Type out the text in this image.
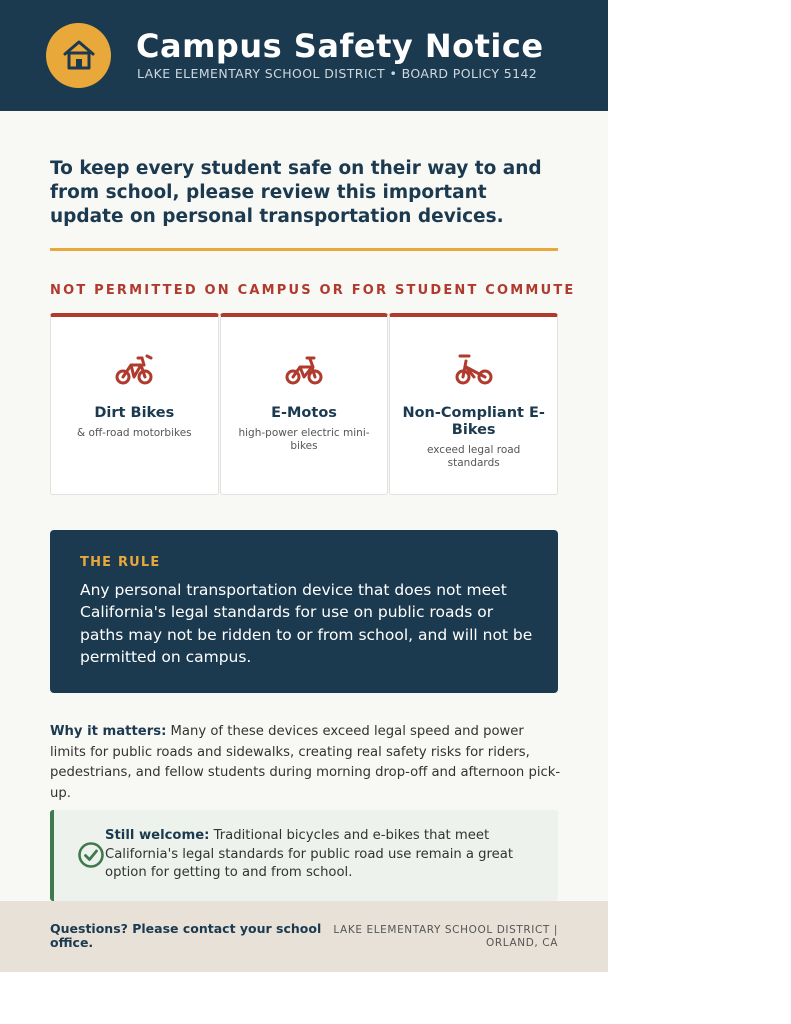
Campus Safety Notice
LAKE ELEMENTARY SCHOOL DISTRICT • BOARD POLICY 5142
To keep every student safe on their way to and from school, please review this important update on personal transportation devices.
NOT PERMITTED ON CAMPUS OR FOR STUDENT COMMUTE
Dirt Bikes
& off-road motorbikes
E-Motos
high-power electric mini-bikes
Non-Compliant E-Bikes
exceed legal road standards
THE RULE
Any personal transportation device that does not meet California's legal standards for use on public roads or paths may not be ridden to or from school, and will not be permitted on campus.
Why it matters: Many of these devices exceed legal speed and power limits for public roads and sidewalks, creating real safety risks for riders, pedestrians, and fellow students during morning drop-off and afternoon pick-up.
Still welcome: Traditional bicycles and e-bikes that meet California's legal standards for public road use remain a great option for getting to and from school.
Questions? Please contact your school office.
LAKE ELEMENTARY SCHOOL DISTRICT | ORLAND, CA
